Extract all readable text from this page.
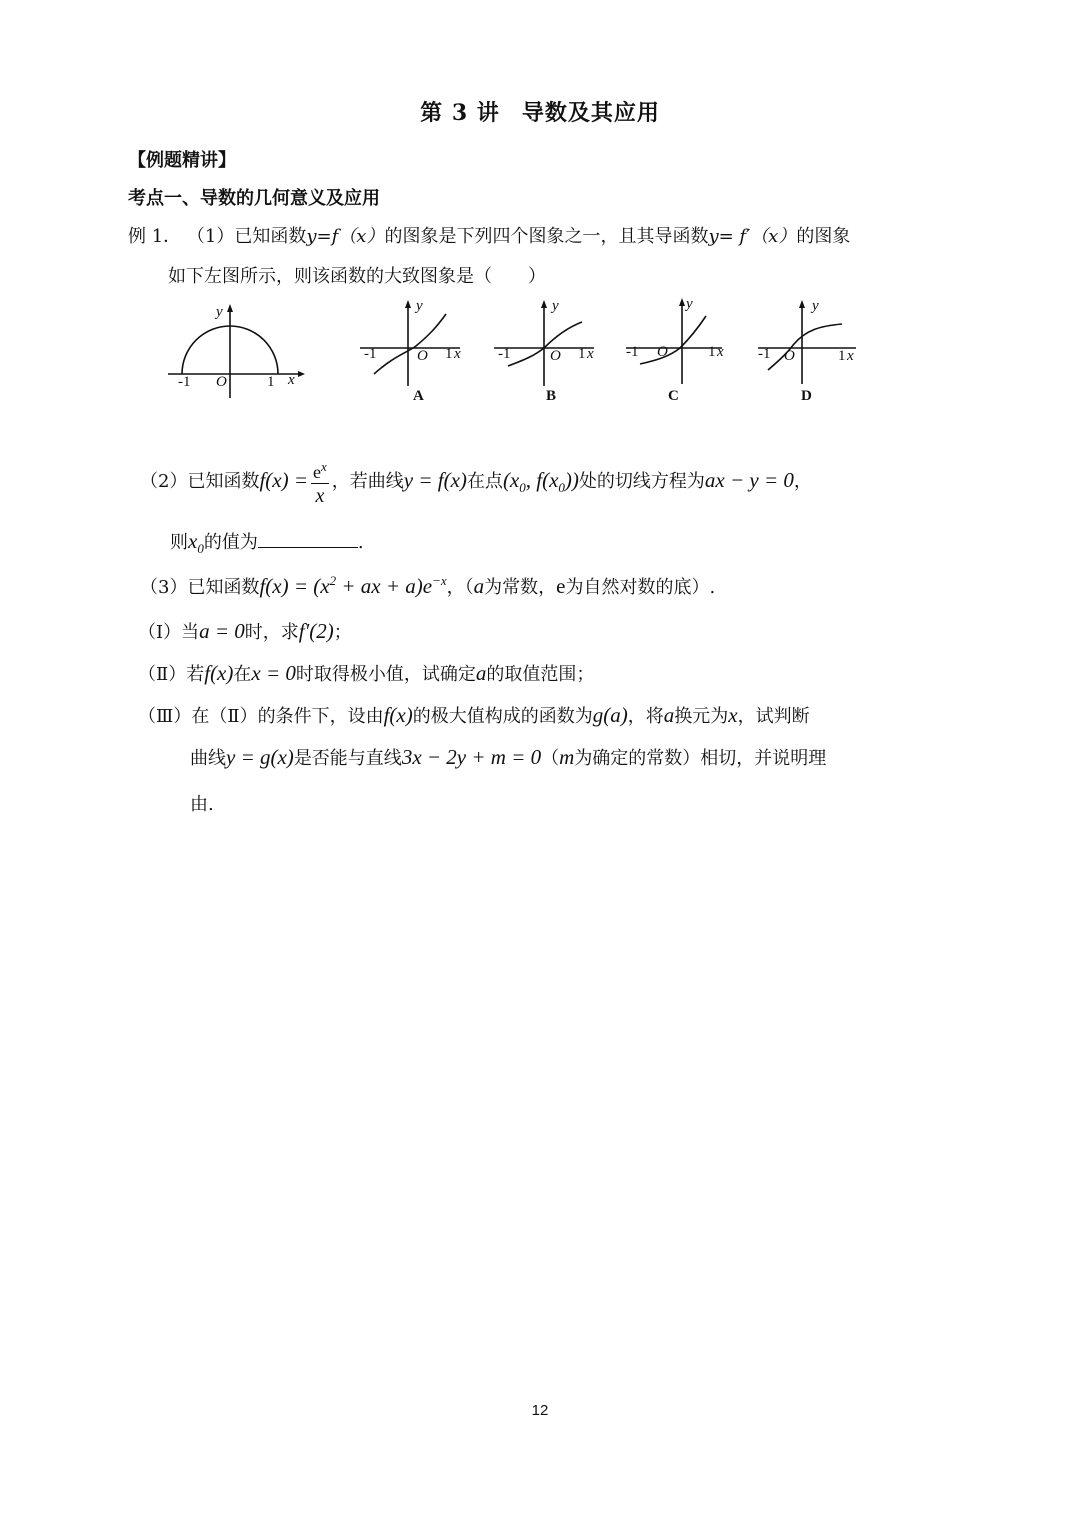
第 3 讲 导数及其应用
【例题精讲】
考点一、导数的几何意义及应用
例 1． （1）已知函数y=f（x）的图象是下列四个图象之一，且其导函数y= f′（x）的图象
如下左图所示，则该函数的大致图象是（　　）
y
-1 O	1 x
y
-1	O 1 x
A
y
-1	O 1 x
B
y
-1 O	1 x
C
y
-1 O	1 x
D
（2）已知函数$f(x) = \frac{e^x}{x}$ ，若曲线y = f(x)在点($x_0$, $f(x_0)$)处的切线方程为ax − y = 0，
则$x_0$的值为	.
（3）已知函数$f(x) = (x^2$ + ax + $a)e^{-x}$，（a为常数，e为自然对数的底）.
（Ⅰ）当a = 0时，求f′(2)；
（Ⅱ）若f(x)在x = 0时取得极小值，试确定a的取值范围；
（Ⅲ）在（Ⅱ）的条件下，设由f(x)的极大值构成的函数为g(a)，将a换元为x，试判断
曲线y = g(x)是否能与直线3x − 2y + m = 0（m为确定的常数）相切，并说明理
由.
12
